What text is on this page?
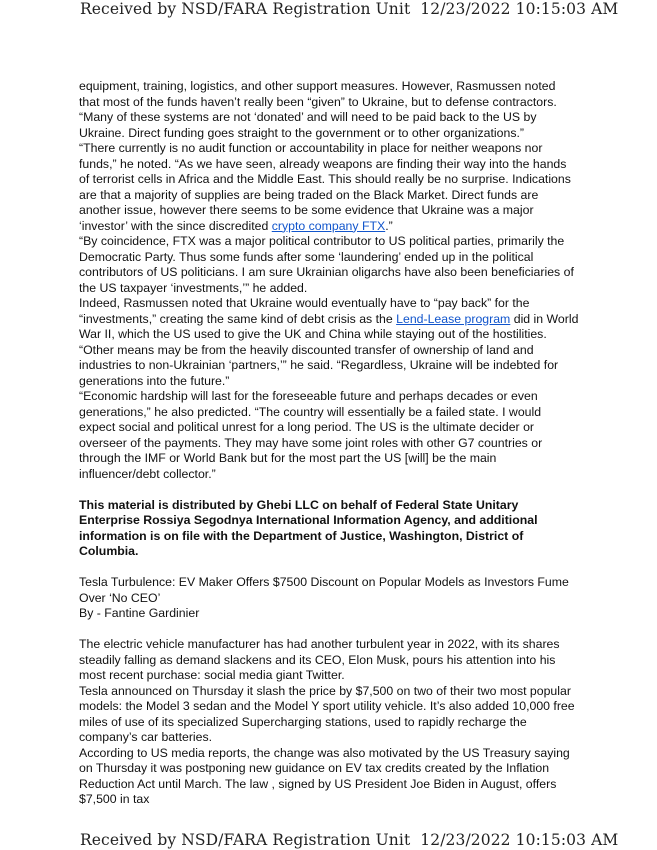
Received by NSD/FARA Registration Unit 12/23/2022 10:15:03 AM

equipment, training, logistics, and other support measures. However, Rasmussen noted that most of the funds haven’t really been “given” to Ukraine, but to defense contractors.

“Many of these systems are not ‘donated’ and will need to be paid back to the US by Ukraine. Direct funding goes straight to the government or to other organizations.”

“There currently is no audit function or accountability in place for neither weapons nor funds,” he noted. “As we have seen, already weapons are finding their way into the hands of terrorist cells in Africa and the Middle East. This should really be no surprise. Indications are that a majority of supplies are being traded on the Black Market. Direct funds are another issue, however there seems to be some evidence that Ukraine was a major ‘investor’ with the since discredited crypto company FTX.”

“By coincidence, FTX was a major political contributor to US political parties, primarily the Democratic Party. Thus some funds after some ‘laundering’ ended up in the political contributors of US politicians. I am sure Ukrainian oligarchs have also been beneficiaries of the US taxpayer ‘investments,’” he added.

Indeed, Rasmussen noted that Ukraine would eventually have to “pay back” for the “investments,” creating the same kind of debt crisis as the Lend-Lease program did in World War II, which the US used to give the UK and China while staying out of the hostilities.

“Other means may be from the heavily discounted transfer of ownership of land and industries to non-Ukrainian ‘partners,’” he said. “Regardless, Ukraine will be indebted for generations into the future.”

“Economic hardship will last for the foreseeable future and perhaps decades or even generations,” he also predicted. “The country will essentially be a failed state. I would expect social and political unrest for a long period. The US is the ultimate decider or overseer of the payments. They may have some joint roles with other G7 countries or through the IMF or World Bank but for the most part the US [will] be the main influencer/debt collector.”

This material is distributed by Ghebi LLC on behalf of Federal State Unitary Enterprise Rossiya Segodnya International Information Agency, and additional information is on file with the Department of Justice, Washington, District of Columbia.

Tesla Turbulence: EV Maker Offers $7500 Discount on Popular Models as Investors Fume Over ‘No CEO’

By - Fantine Gardinier

The electric vehicle manufacturer has had another turbulent year in 2022, with its shares steadily falling as demand slackens and its CEO, Elon Musk, pours his attention into his most recent purchase: social media giant Twitter.

Tesla announced on Thursday it slash the price by $7,500 on two of their two most popular models: the Model 3 sedan and the Model Y sport utility vehicle. It’s also added 10,000 free miles of use of its specialized Supercharging stations, used to rapidly recharge the company’s car batteries.

According to US media reports, the change was also motivated by the US Treasury saying on Thursday it was postponing new guidance on EV tax credits created by the Inflation Reduction Act until March. The law , signed by US President Joe Biden in August, offers $7,500 in tax

Received by NSD/FARA Registration Unit 12/23/2022 10:15:03 AM
